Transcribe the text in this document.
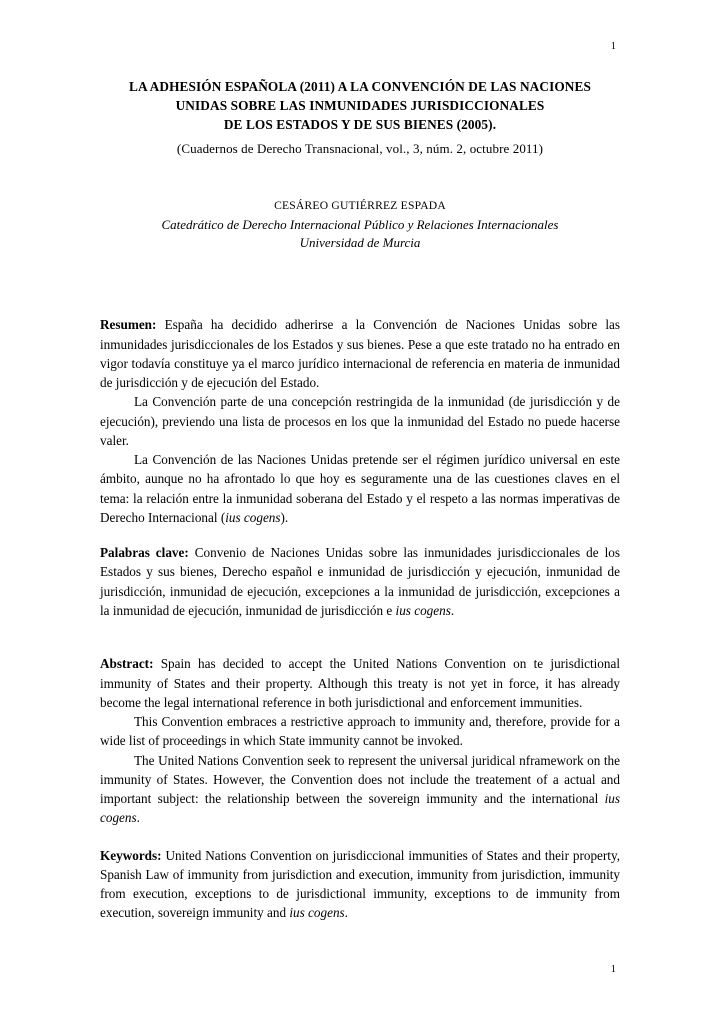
1
LA ADHESIÓN ESPAÑOLA (2011) A LA CONVENCIÓN DE LAS NACIONES
UNIDAS SOBRE LAS INMUNIDADES JURISDICCIONALES
DE LOS ESTADOS Y DE SUS BIENES (2005).
(Cuadernos de Derecho Transnacional, vol., 3, núm. 2, octubre 2011)
CESÁREO GUTIÉRREZ ESPADA
Catedrático de Derecho Internacional Público y Relaciones Internacionales
Universidad de Murcia

Resumen: España ha decidido adherirse a la Convención de Naciones Unidas sobre las inmunidades jurisdiccionales de los Estados y sus bienes. Pese a que este tratado no ha entrado en vigor todavía constituye ya el marco jurídico internacional de referencia en materia de inmunidad de jurisdicción y de ejecución del Estado.

La Convención parte de una concepción restringida de la inmunidad (de jurisdicción y de ejecución), previendo una lista de procesos en los que la inmunidad del Estado no puede hacerse valer.

La Convención de las Naciones Unidas pretende ser el régimen jurídico universal en este ámbito, aunque no ha afrontado lo que hoy es seguramente una de las cuestiones claves en el tema: la relación entre la inmunidad soberana del Estado y el respeto a las normas imperativas de Derecho Internacional (ius cogens).

Palabras clave: Convenio de Naciones Unidas sobre las inmunidades jurisdiccionales de los Estados y sus bienes, Derecho español e inmunidad de jurisdicción y ejecución, inmunidad de jurisdicción, inmunidad de ejecución, excepciones a la inmunidad de jurisdicción, excepciones a la inmunidad de ejecución, inmunidad de jurisdicción e ius cogens.

Abstract: Spain has decided to accept the United Nations Convention on te jurisdictional immunity of States and their property. Although this treaty is not yet in force, it has already become the legal international reference in both jurisdictional and enforcement immunities.

This Convention embraces a restrictive approach to immunity and, therefore, provide for a wide list of proceedings in which State immunity cannot be invoked.

The United Nations Convention seek to represent the universal juridical nframework on the immunity of States. However, the Convention does not include the treatement of a actual and important subject: the relationship between the sovereign immunity and the international ius cogens.

Keywords: United Nations Convention on jurisdiccional immunities of States and their property, Spanish Law of immunity from jurisdiction and execution, immunity from jurisdiction, immunity from execution, exceptions to de jurisdictional immunity, exceptions to de immunity from execution, sovereign immunity and ius cogens.

1
